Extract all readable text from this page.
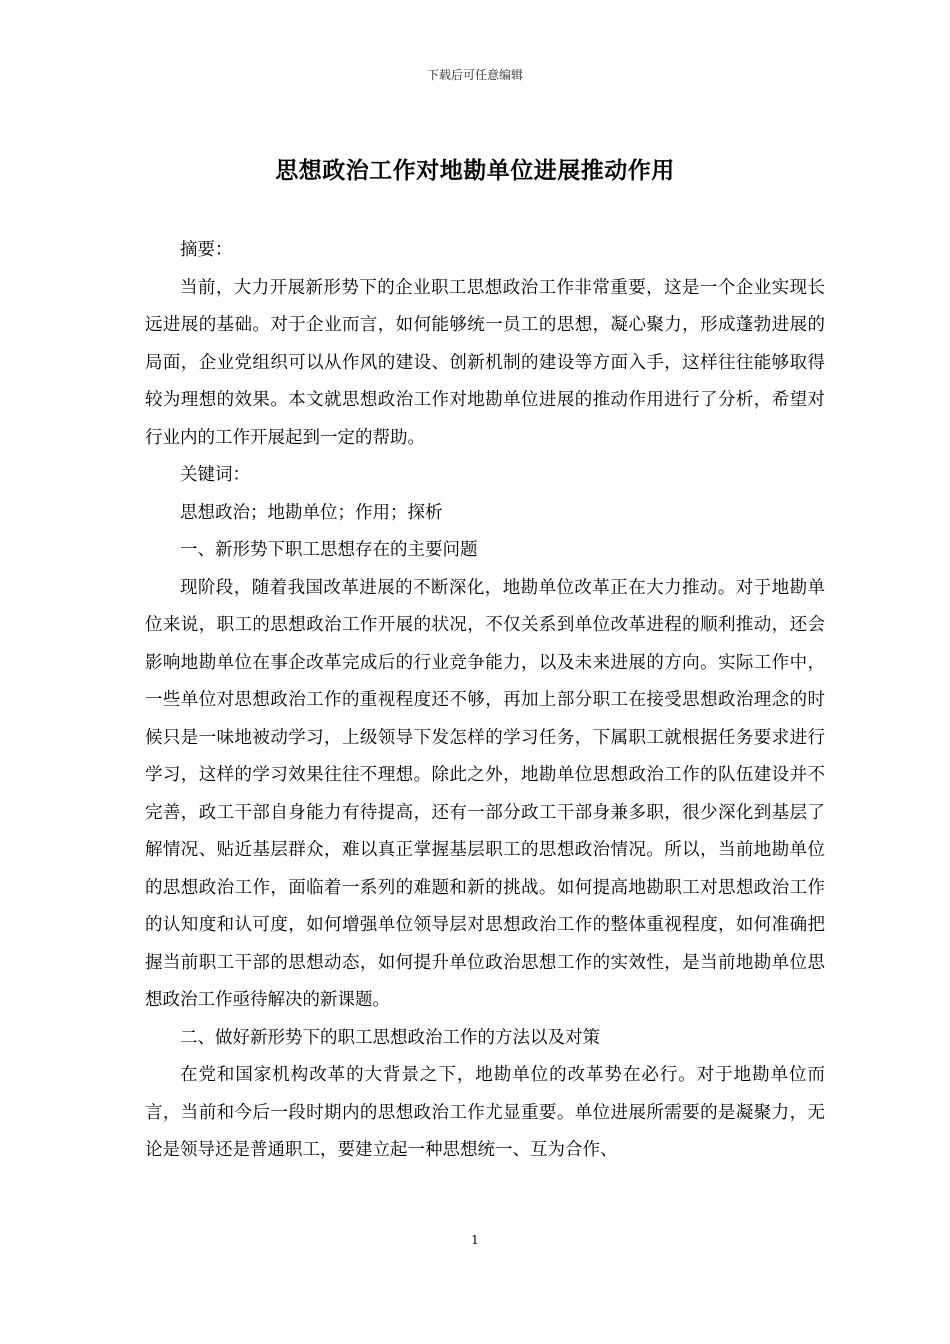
下载后可任意编辑
思想政治工作对地勘单位进展推动作用

摘要：

当前，大力开展新形势下的企业职工思想政治工作非常重要，这是一个企业实现长远进展的基础。对于企业而言，如何能够统一员工的思想，凝心聚力，形成蓬勃进展的局面，企业党组织可以从作风的建设、创新机制的建设等方面入手，这样往往能够取得较为理想的效果。本文就思想政治工作对地勘单位进展的推动作用进行了分析，希望对行业内的工作开展起到一定的帮助。

关键词：

思想政治；地勘单位；作用；探析

一、新形势下职工思想存在的主要问题

现阶段，随着我国改革进展的不断深化，地勘单位改革正在大力推动。对于地勘单位来说，职工的思想政治工作开展的状况，不仅关系到单位改革进程的顺利推动，还会影响地勘单位在事企改革完成后的行业竞争能力，以及未来进展的方向。实际工作中，一些单位对思想政治工作的重视程度还不够，再加上部分职工在接受思想政治理念的时候只是一味地被动学习，上级领导下发怎样的学习任务，下属职工就根据任务要求进行学习，这样的学习效果往往不理想。除此之外，地勘单位思想政治工作的队伍建设并不完善，政工干部自身能力有待提高，还有一部分政工干部身兼多职，很少深化到基层了解情况、贴近基层群众，难以真正掌握基层职工的思想政治情况。所以，当前地勘单位的思想政治工作，面临着一系列的难题和新的挑战。如何提高地勘职工对思想政治工作的认知度和认可度，如何增强单位领导层对思想政治工作的整体重视程度，如何准确把握当前职工干部的思想动态，如何提升单位政治思想工作的实效性，是当前地勘单位思想政治工作亟待解决的新课题。

二、做好新形势下的职工思想政治工作的方法以及对策

在党和国家机构改革的大背景之下，地勘单位的改革势在必行。对于地勘单位而言，当前和今后一段时期内的思想政治工作尤显重要。单位进展所需要的是凝聚力，无论是领导还是普通职工，要建立起一种思想统一、互为合作、

1
